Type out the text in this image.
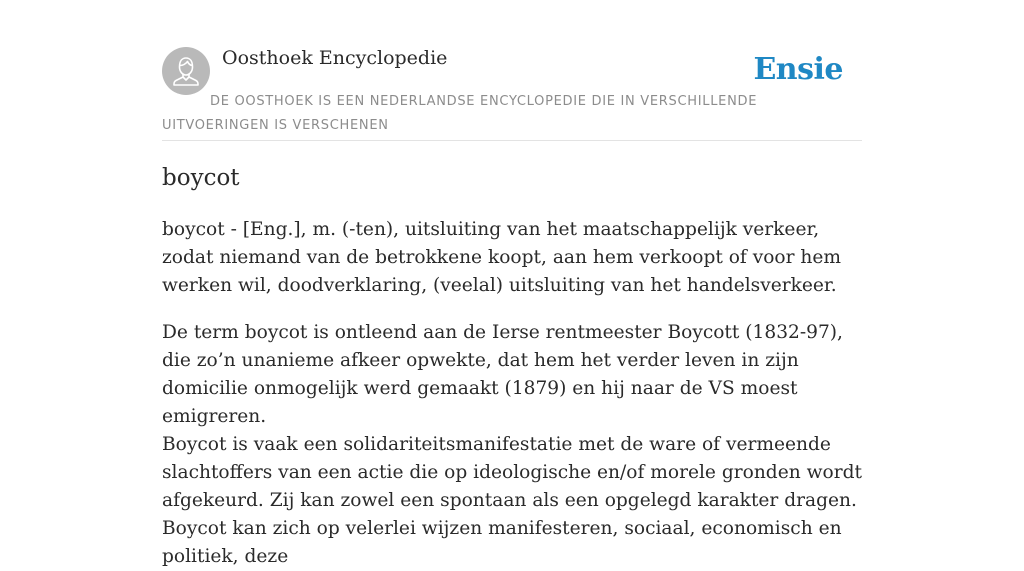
Oosthoek Encyclopedie	Ensie
DE OOSTHOEK IS EEN NEDERLANDSE ENCYCLOPEDIE DIE IN VERSCHILLENDE UITVOERINGEN IS VERSCHENEN
boycot

boycot - [Eng.], m. (-ten), uitsluiting van het maatschappelijk verkeer, zodat niemand van de betrokkene koopt, aan hem verkoopt of voor hem werken wil, doodverklaring, (veelal) uitsluiting van het handelsverkeer.

De term boycot is ontleend aan de Ierse rentmeester Boycott (1832-97), die zo’n unanieme afkeer opwekte, dat hem het verder leven in zijn domicilie onmogelijk werd gemaakt (1879) en hij naar de VS moest emigreren.

Boycot is vaak een solidariteitsmanifestatie met de ware of vermeende slachtoffers van een actie die op ideologische en/of morele gronden wordt afgekeurd. Zij kan zowel een spontaan als een opgelegd karakter dragen. Boycot kan zich op velerlei wijzen manifesteren, sociaal, economisch en politiek, deze
